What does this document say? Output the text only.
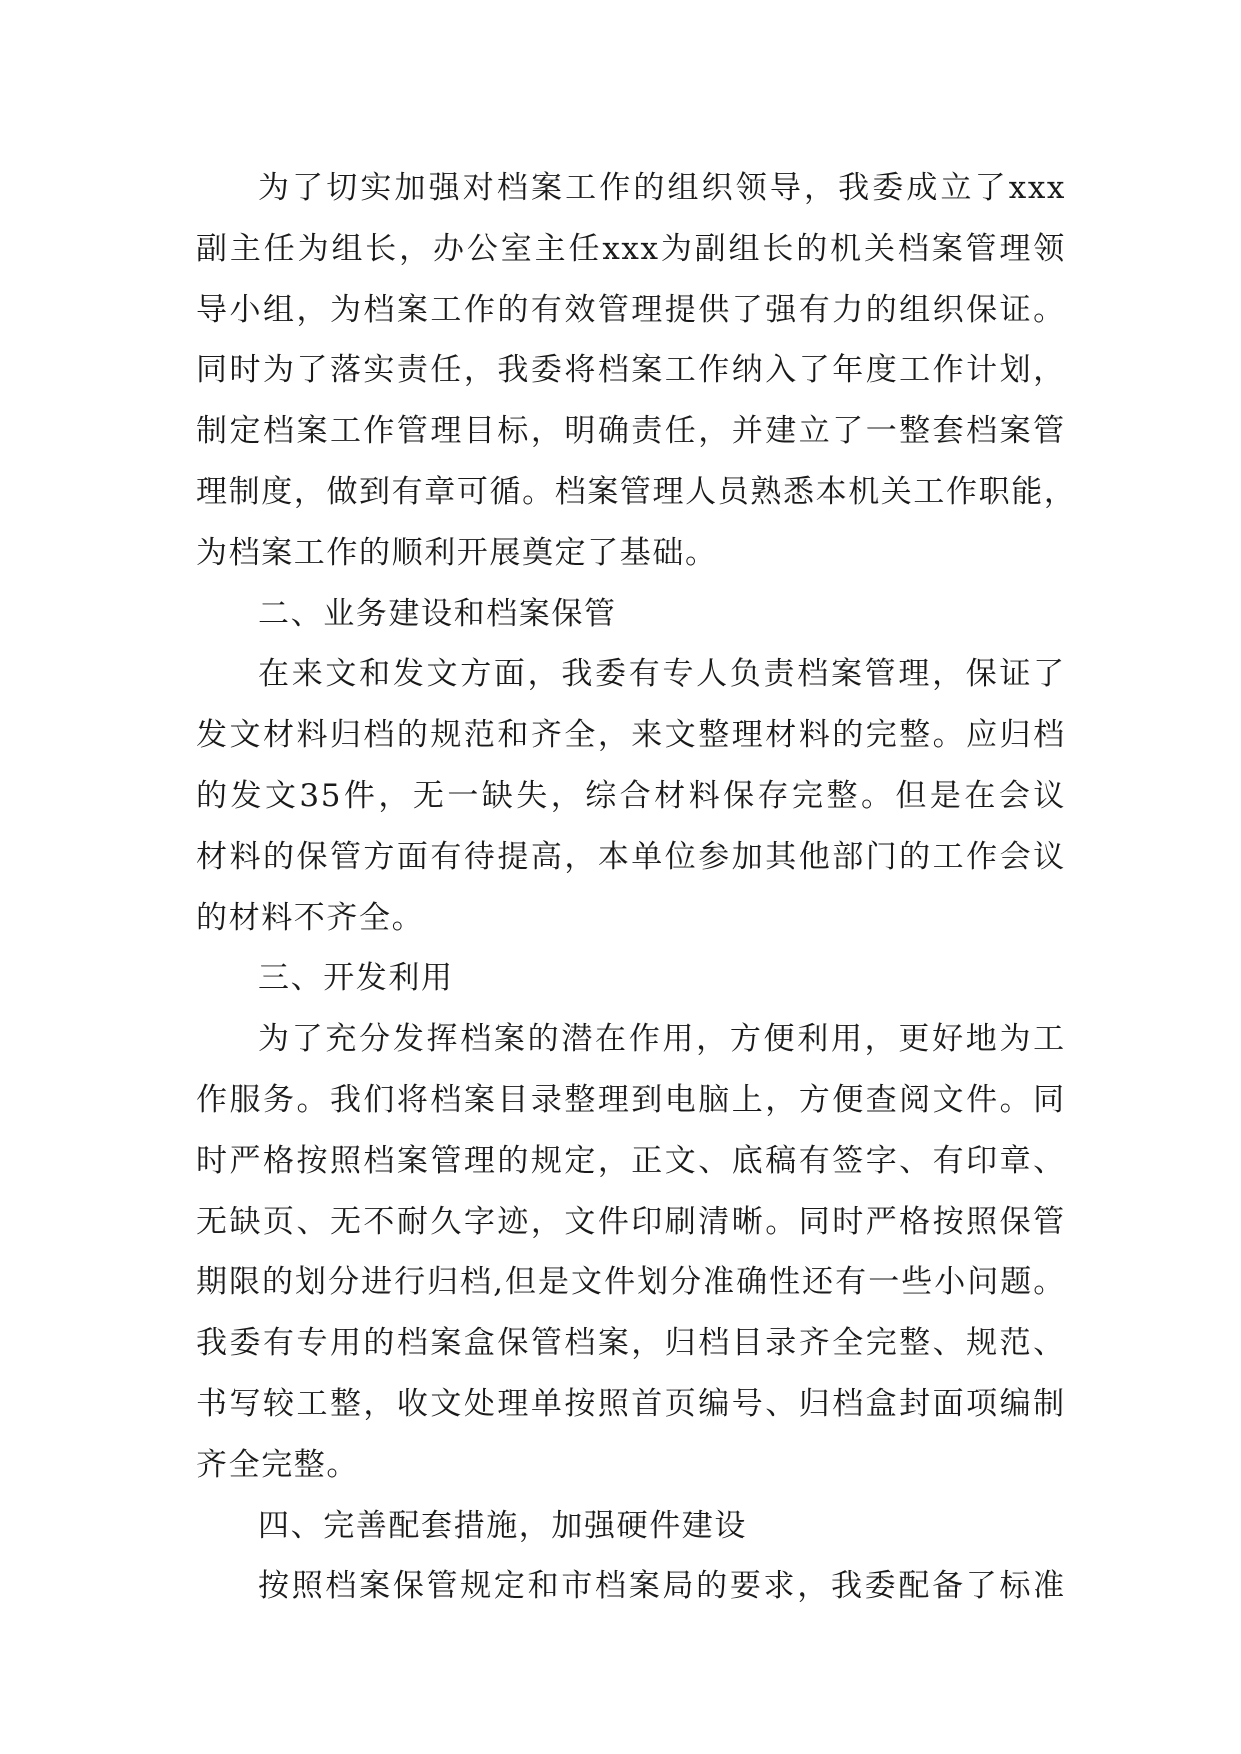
为 了 切 实 加 强 对 档 案 工 作 的 组 织 领 导 ， 我 委 成 立 了 xxx
副 主 任 为 组 长 ， 办 公 室 主 任 xxx 为 副 组 长 的 机 关 档 案 管 理 领
导 小 组 ， 为 档 案 工 作 的 有 效 管 理 提 供 了 强 有 力 的 组 织 保 证 。
同 时 为 了 落 实 责 任 ， 我 委 将 档 案 工 作 纳 入 了 年 度 工 作 计 划 ，
制 定 档 案 工 作 管 理 目 标 ， 明 确 责 任 ， 并 建 立 了 一 整 套 档 案 管
理 制 度 ， 做 到 有 章 可 循 。 档 案 管 理 人 员 熟 悉 本 机 关 工 作 职 能 ，
为档案工作的顺利开展奠定了基础。
二、业务建设和档案保管
在 来 文 和 发 文 方 面 ， 我 委 有 专 人 负 责 档 案 管 理 ， 保 证 了
发 文 材 料 归 档 的 规 范 和 齐 全 ， 来 文 整 理 材 料 的 完 整 。 应 归 档
的 发 文 35 件 ， 无 一 缺 失 ， 综 合 材 料 保 存 完 整 。 但 是 在 会 议
材 料 的 保 管 方 面 有 待 提 高 ， 本 单 位 参 加 其 他 部 门 的 工 作 会 议
的材料不齐全。
三、开发利用
为 了 充 分 发 挥 档 案 的 潜 在 作 用 ， 方 便 利 用 ， 更 好 地 为 工
作 服 务 。 我 们 将 档 案 目 录 整 理 到 电 脑 上 ， 方 便 查 阅 文 件 。 同
时 严 格 按 照 档 案 管 理 的 规 定 ， 正 文 、 底 稿 有 签 字 、 有 印 章 、
无 缺 页 、 无 不 耐 久 字 迹 ， 文 件 印 刷 清 晰 。 同 时 严 格 按 照 保 管
期 限 的 划 分 进 行 归 档 , 但 是 文 件 划 分 准 确 性 还 有 一 些 小 问 题 。
我 委 有 专 用 的 档 案 盒 保 管 档 案 ， 归 档 目 录 齐 全 完 整 、 规 范 、
书 写 较 工 整 ， 收 文 处 理 单 按 照 首 页 编 号 、 归 档 盒 封 面 项 编 制
齐全完整。
四、完善配套措施，加强硬件建设
按 照 档 案 保 管 规 定 和 市 档 案 局 的 要 求 ， 我 委 配 备 了 标 准
